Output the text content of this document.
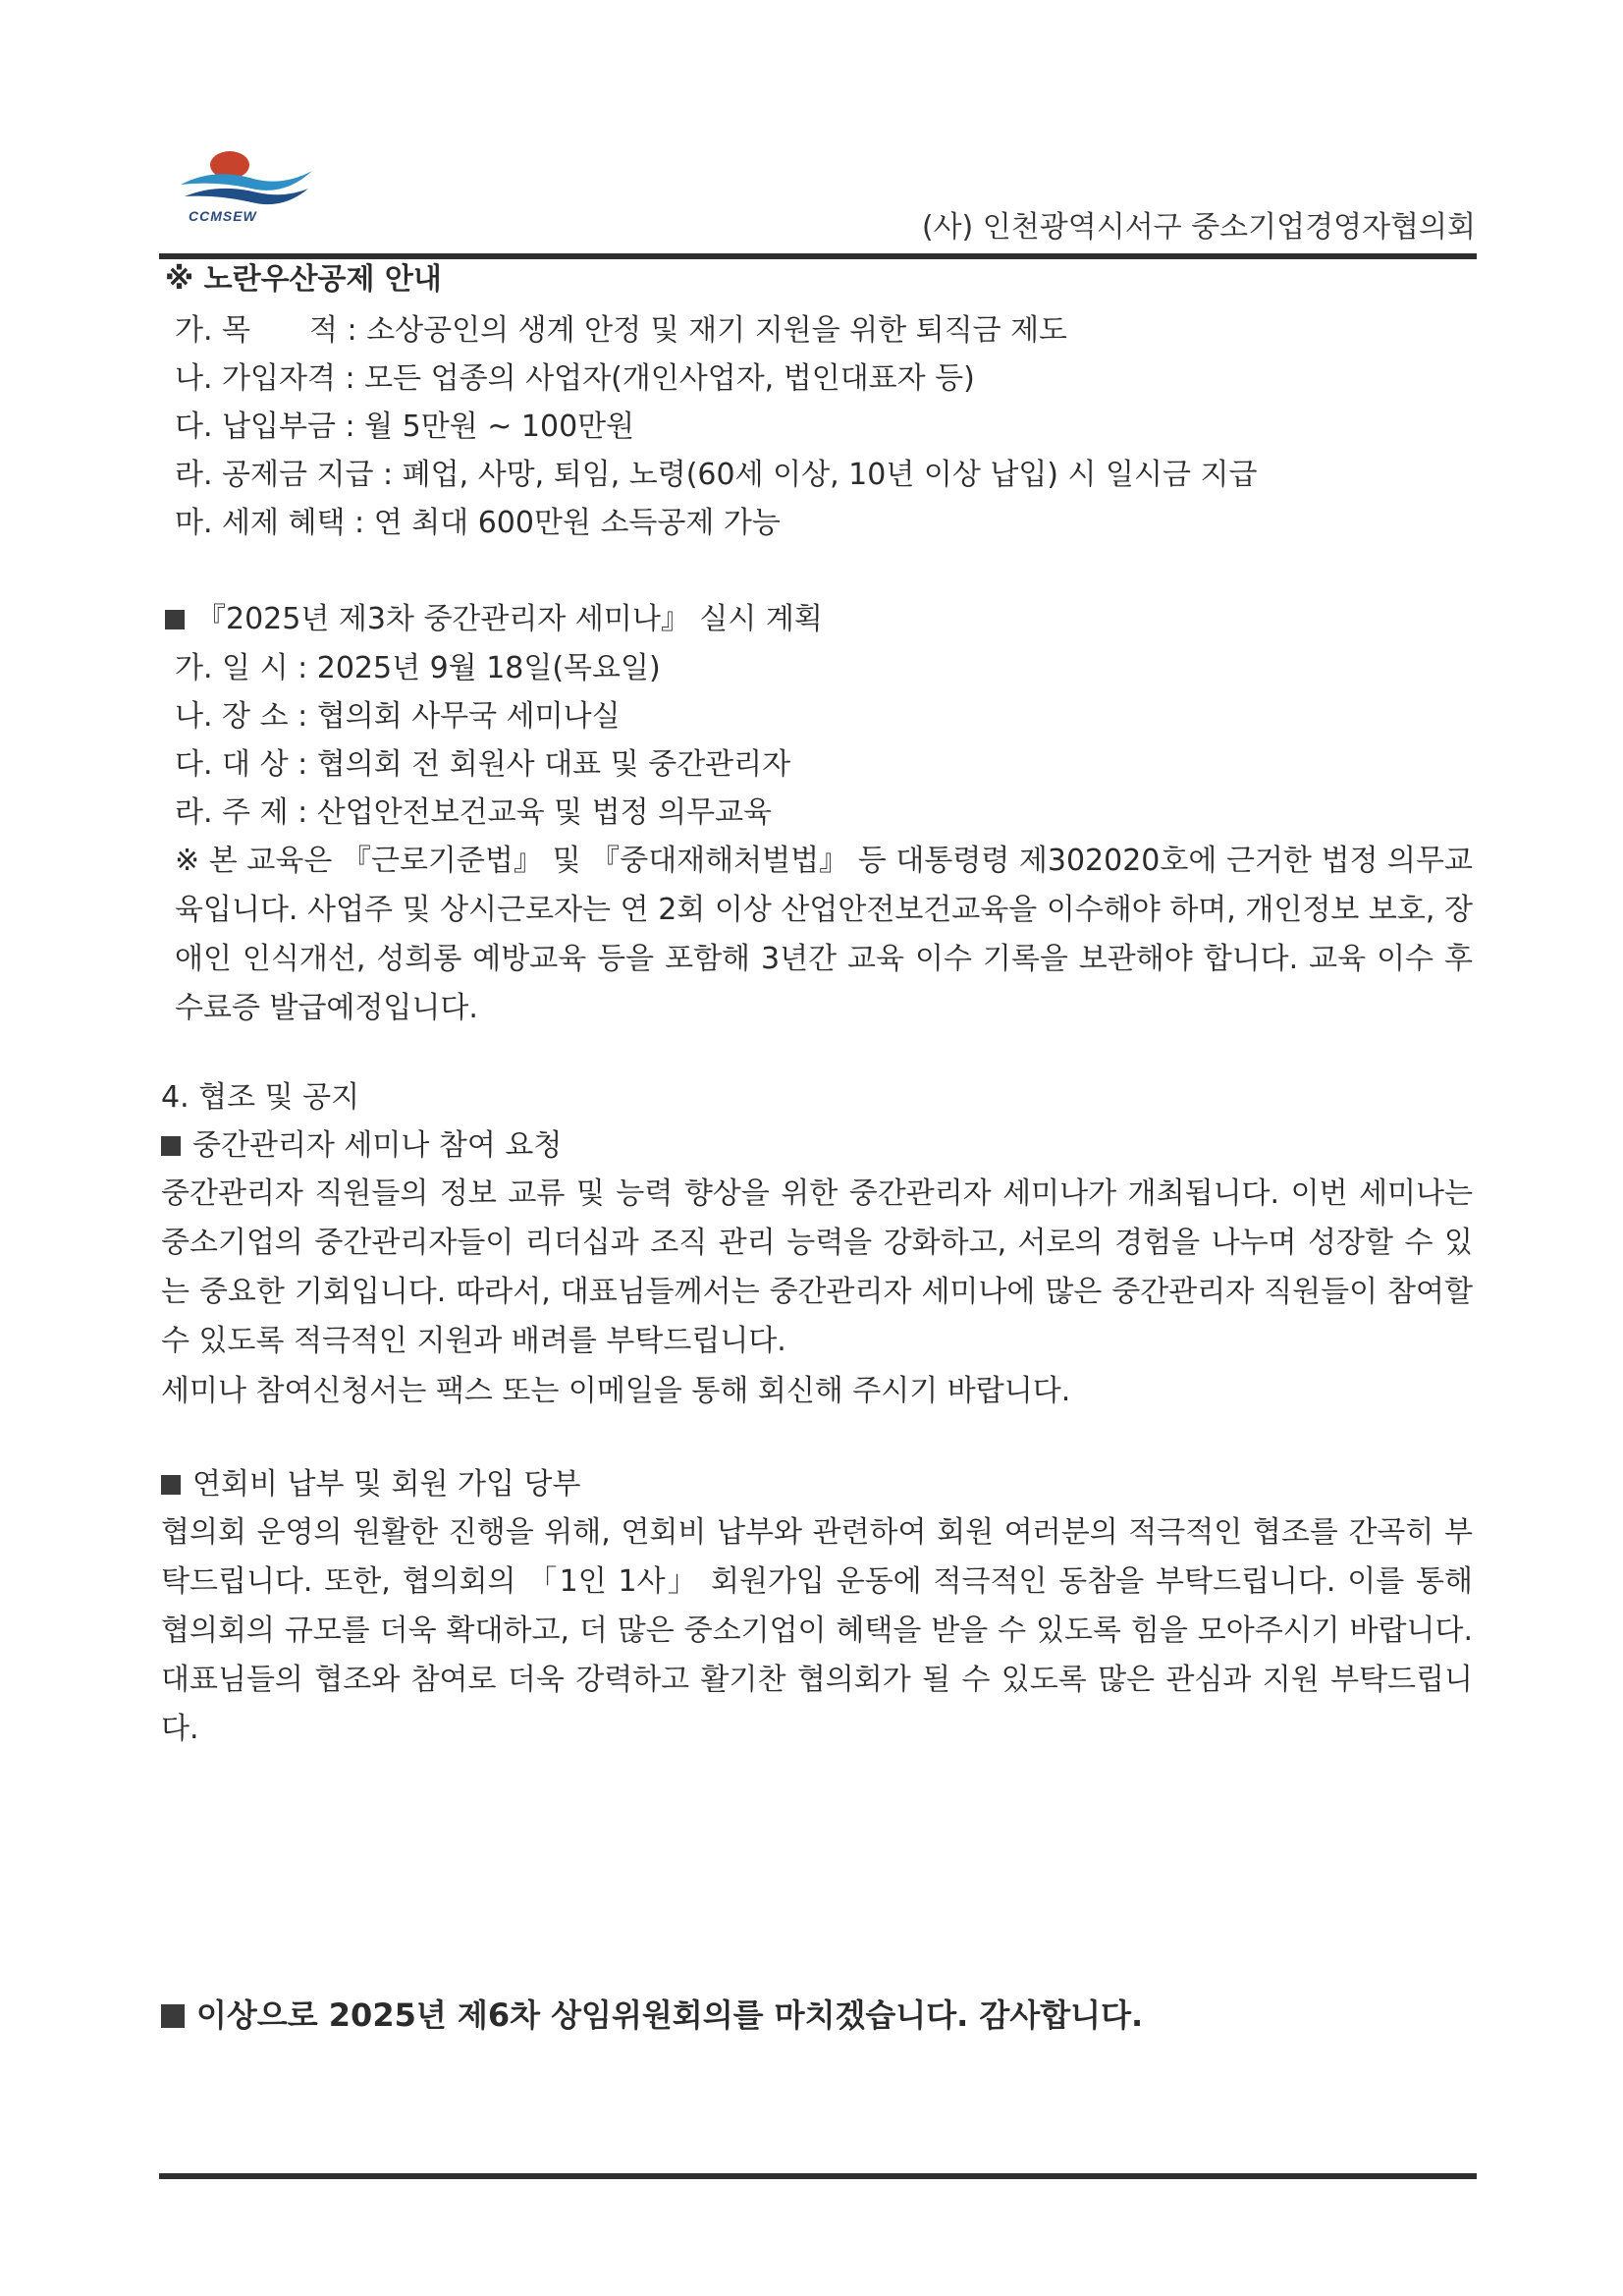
CCMSEW	(사) 인천광역시서구 중소기업경영자협의회
※ 노란우산공제 안내
가. 목　　적 : 소상공인의 생계 안정 및 재기 지원을 위한 퇴직금 제도
나. 가입자격 : 모든 업종의 사업자(개인사업자, 법인대표자 등)
다. 납입부금 : 월 5만원 ~ 100만원
라. 공제금 지급 : 폐업, 사망, 퇴임, 노령(60세 이상, 10년 이상 납입) 시 일시금 지급
마. 세제 혜택 : 연 최대 600만원 소득공제 가능
『2025년 제3차 중간관리자 세미나』 실시 계획
가. 일 시 : 2025년 9월 18일(목요일)
나. 장 소 : 협의회 사무국 세미나실
다. 대 상 : 협의회 전 회원사 대표 및 중간관리자
라. 주 제 : 산업안전보건교육 및 법정 의무교육
※ 본 교육은 『근로기준법』 및 『중대재해처벌법』 등 대통령령 제302020호에 근거한 법정 의무교육입니다. 사업주 및 상시근로자는 연 2회 이상 산업안전보건교육을 이수해야 하며, 개인정보 보호, 장애인 인식개선, 성희롱 예방교육 등을 포함해 3년간 교육 이수 기록을 보관해야 합니다. 교육 이수 후 수료증 발급예정입니다.
4. 협조 및 공지
중간관리자 세미나 참여 요청
중간관리자 직원들의 정보 교류 및 능력 향상을 위한 중간관리자 세미나가 개최됩니다. 이번 세미나는 중소기업의 중간관리자들이 리더십과 조직 관리 능력을 강화하고, 서로의 경험을 나누며 성장할 수 있는 중요한 기회입니다. 따라서, 대표님들께서는 중간관리자 세미나에 많은 중간관리자 직원들이 참여할 수 있도록 적극적인 지원과 배려를 부탁드립니다.
세미나 참여신청서는 팩스 또는 이메일을 통해 회신해 주시기 바랍니다.
연회비 납부 및 회원 가입 당부
협의회 운영의 원활한 진행을 위해, 연회비 납부와 관련하여 회원 여러분의 적극적인 협조를 간곡히 부탁드립니다. 또한, 협의회의 「1인 1사」 회원가입 운동에 적극적인 동참을 부탁드립니다. 이를 통해 협의회의 규모를 더욱 확대하고, 더 많은 중소기업이 혜택을 받을 수 있도록 힘을 모아주시기 바랍니다. 대표님들의 협조와 참여로 더욱 강력하고 활기찬 협의회가 될 수 있도록 많은 관심과 지원 부탁드립니다.
이상으로 2025년 제6차 상임위원회의를 마치겠습니다. 감사합니다.
